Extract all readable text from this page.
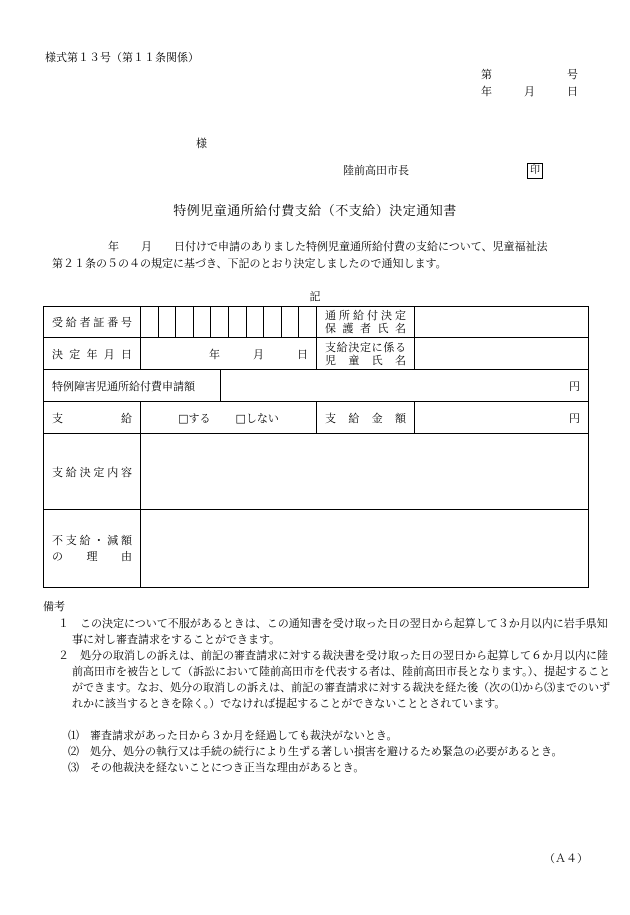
様式第１３号（第１１条関係）
第	号
年	月	日
様
陸前高田市長	印
特例児童通所給付費支給（不支給）決定通知書
年　　月　　日付けで申請のありました特例児童通所給付費の支給について、児童福祉法
第２１条の５の４の規定に基づき、下記のとおり決定しましたので通知します。
記
受給者証番号			通所給付決定
保護者氏名	

決定年月日	年　　　月　　　日		支給決定に係る
児童氏名	

特例障害児通所給付費申請額		円		
支給	□する □しない		支給金額	円
支給決定内容				

不支給・減額
の理由				

備考
１　この決定について不服があるときは、この通知書を受け取った日の翌日から起算して３か月以内に岩手県知事に対し審査請求をすることができます。
２　処分の取消しの訴えは、前記の審査請求に対する裁決書を受け取った日の翌日から起算して６か月以内に陸前高田市を被告として（訴訟において陸前高田市を代表する者は、陸前高田市長となります。）、提起することができます。なお、処分の取消しの訴えは、前記の審査請求に対する裁決を経た後（次の⑴から⑶までのいずれかに該当するときを除く。）でなければ提起することができないこととされています。
⑴　審査請求があった日から３か月を経過しても裁決がないとき。
⑵　処分、処分の執行又は手続の続行により生ずる著しい損害を避けるため緊急の必要があるとき。
⑶　その他裁決を経ないことにつき正当な理由があるとき。
（Ａ４）
